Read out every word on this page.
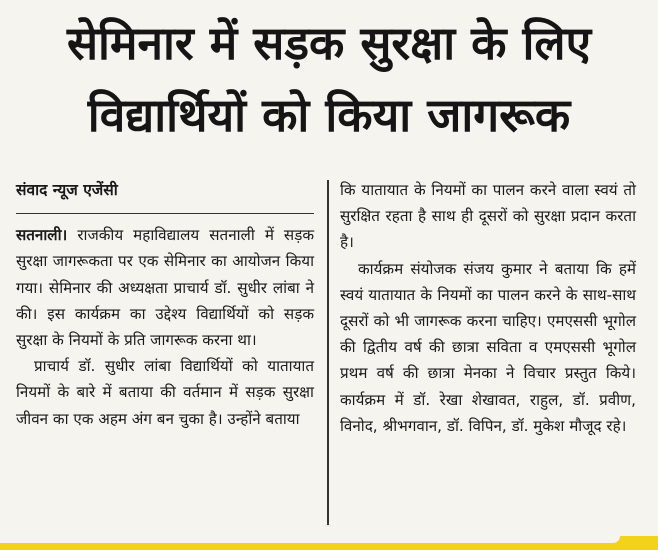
सेमिनार में सड़क सुरक्षा के लिए
विद्यार्थियों को किया जागरूक
संवाद न्यूज एजेंसी

सतनाली। राजकीय महाविद्यालय सतनाली में सड़क सुरक्षा जागरूकता पर एक सेमिनार का आयोजन किया गया। सेमिनार की अध्यक्षता प्राचार्य डॉ. सुधीर लांबा ने की। इस कार्यक्रम का उद्देश्य विद्यार्थियों को सड़क सुरक्षा के नियमों के प्रति जागरूक करना था।

प्राचार्य डॉ. सुधीर लांबा विद्यार्थियों को यातायात नियमों के बारे में बताया की वर्तमान में सड़क सुरक्षा जीवन का एक अहम अंग बन चुका है। उन्होंने बताया

कि यातायात के नियमों का पालन करने वाला स्वयं तो सुरक्षित रहता है साथ ही दूसरों को सुरक्षा प्रदान करता है।

कार्यक्रम संयोजक संजय कुमार ने बताया कि हमें स्वयं यातायात के नियमों का पालन करने के साथ-साथ दूसरों को भी जागरूक करना चाहिए। एमएससी भूगोल की द्वितीय वर्ष की छात्रा सविता व एमएससी भूगोल प्रथम वर्ष की छात्रा मेनका ने विचार प्रस्तुत किये। कार्यक्रम में डॉ. रेखा शेखावत, राहुल, डॉ. प्रवीण, विनोद, श्रीभगवान, डॉ. विपिन, डॉ. मुकेश मौजूद रहे।
